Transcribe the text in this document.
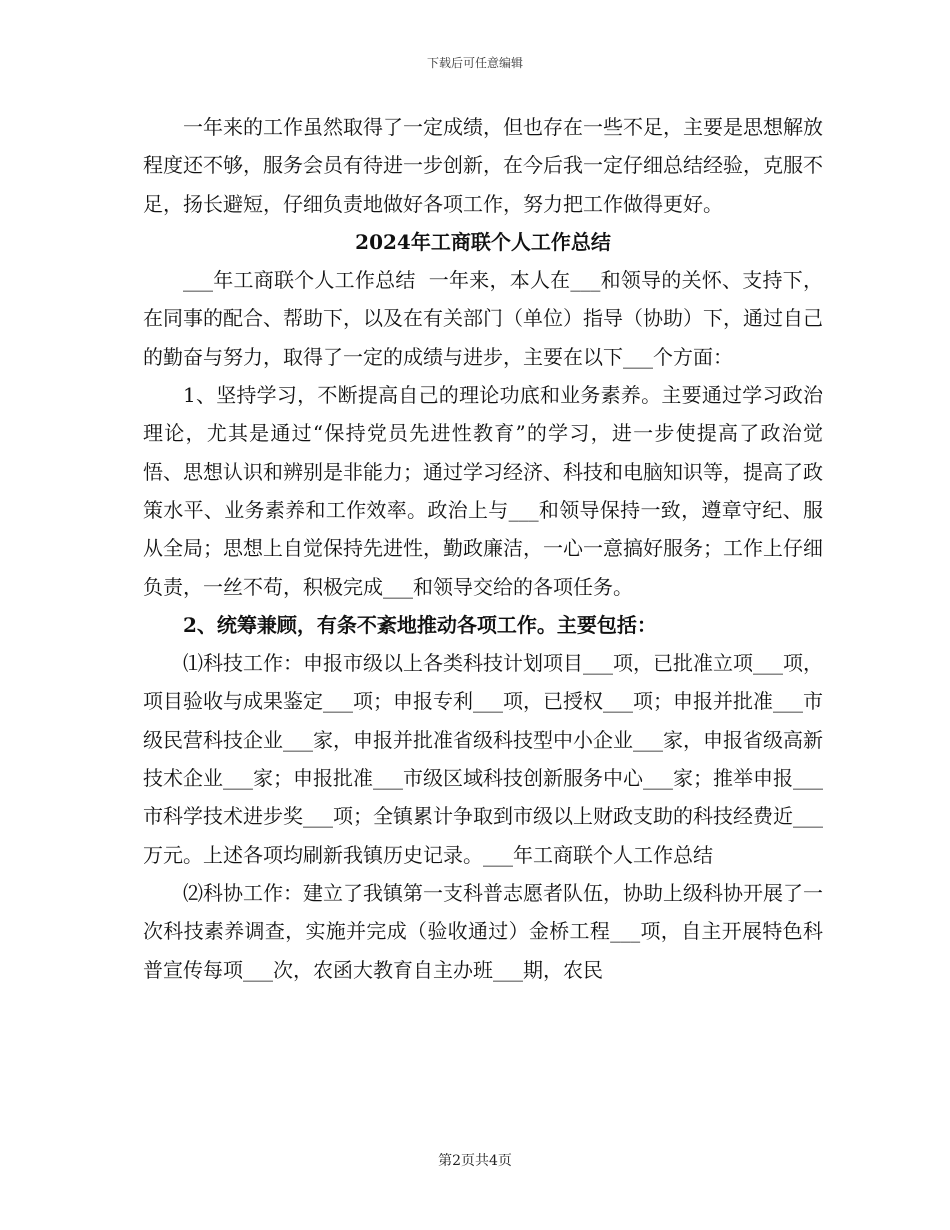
下载后可任意编辑

一年来的工作虽然取得了一定成绩，但也存在一些不足，主要是思想解放程度还不够，服务会员有待进一步创新，在今后我一定仔细总结经验，克服不足，扬长避短，仔细负责地做好各项工作，努力把工作做得更好。

2024年工商联个人工作总结

___年工商联个人工作总结  一年来，本人在___和领导的关怀、支持下，在同事的配合、帮助下，以及在有关部门（单位）指导（协助）下，通过自己的勤奋与努力，取得了一定的成绩与进步，主要在以下___个方面：

1、坚持学习，不断提高自己的理论功底和业务素养。主要通过学习政治理论，尤其是通过“保持党员先进性教育”的学习，进一步使提高了政治觉悟、思想认识和辨别是非能力；通过学习经济、科技和电脑知识等，提高了政策水平、业务素养和工作效率。政治上与___和领导保持一致，遵章守纪、服从全局；思想上自觉保持先进性，勤政廉洁，一心一意搞好服务；工作上仔细负责，一丝不苟，积极完成___和领导交给的各项任务。

2、统筹兼顾，有条不紊地推动各项工作。主要包括：

⑴科技工作：申报市级以上各类科技计划项目___项，已批准立项___项，项目验收与成果鉴定___项；申报专利___项，已授权___项；申报并批准___市级民营科技企业___家，申报并批准省级科技型中小企业___家，申报省级高新技术企业___家；申报批准___市级区域科技创新服务中心___家；推举申报___市科学技术进步奖___项；全镇累计争取到市级以上财政支助的科技经费近___万元。上述各项均刷新我镇历史记录。___年工商联个人工作总结

⑵科协工作：建立了我镇第一支科普志愿者队伍，协助上级科协开展了一次科技素养调查，实施并完成（验收通过）金桥工程___项，自主开展特色科普宣传每项___次，农函大教育自主办班___期，农民

第2页共4页
